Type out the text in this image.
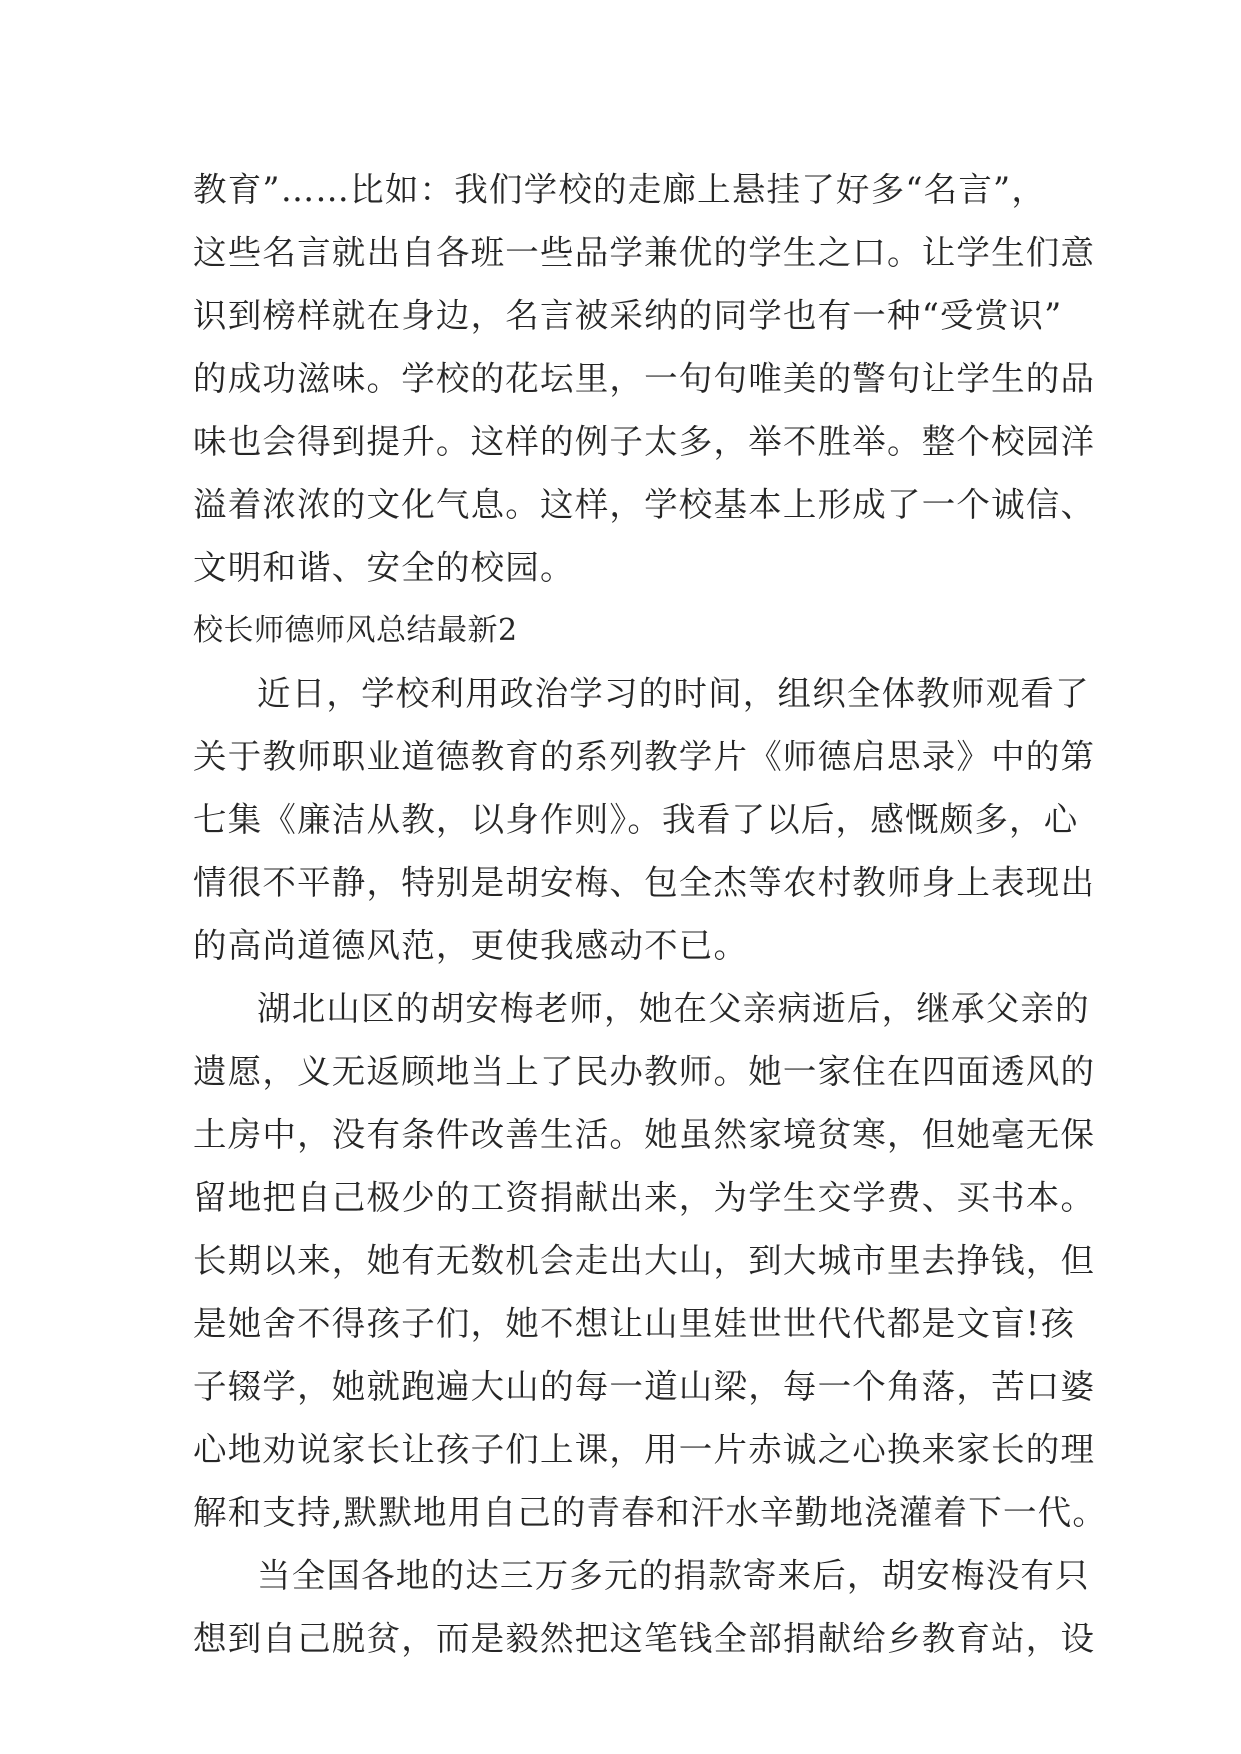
教育”……比如：我们学校的走廊上悬挂了好多“名言”，
这些名言就出自各班一些品学兼优的学生之口。让学生们意
识到榜样就在身边，名言被采纳的同学也有一种“受赏识”
的成功滋味。学校的花坛里，一句句唯美的警句让学生的品
味也会得到提升。这样的例子太多，举不胜举。整个校园洋
溢着浓浓的文化气息。这样，学校基本上形成了一个诚信、
文明和谐、安全的校园。
校长师德师风总结最新2
近日，学校利用政治学习的时间，组织全体教师观看了
关于教师职业道德教育的系列教学片《师德启思录》中的第
七集《廉洁从教，以身作则》。我看了以后，感慨颇多，心
情很不平静，特别是胡安梅、包全杰等农村教师身上表现出
的高尚道德风范，更使我感动不已。
湖北山区的胡安梅老师，她在父亲病逝后，继承父亲的
遗愿，义无返顾地当上了民办教师。她一家住在四面透风的
土房中，没有条件改善生活。她虽然家境贫寒，但她毫无保
留地把自己极少的工资捐献出来，为学生交学费、买书本。
长期以来，她有无数机会走出大山，到大城市里去挣钱，但
是她舍不得孩子们，她不想让山里娃世世代代都是文盲!孩
子辍学，她就跑遍大山的每一道山梁，每一个角落，苦口婆
心地劝说家长让孩子们上课，用一片赤诚之心换来家长的理
解和支持,默默地用自己的青春和汗水辛勤地浇灌着下一代。
当全国各地的达三万多元的捐款寄来后，胡安梅没有只
想到自己脱贫，而是毅然把这笔钱全部捐献给乡教育站，设
